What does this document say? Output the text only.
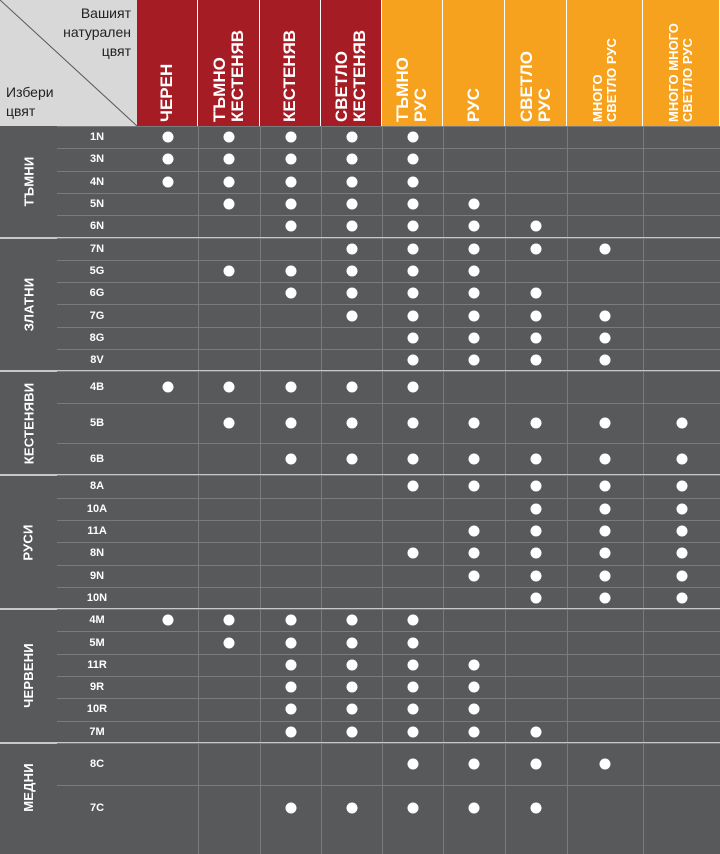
Вашият
натурален
цвят
Избери
цвят	ЧЕРЕН ТЪМНО
КЕСТЕНЯВ КЕСТЕНЯВ СВЕТЛО
КЕСТЕНЯВ ТЪМНО
РУС РУС СВЕТЛО
РУС	МНОГО
СВЕТЛО РУС
МНОГО МНОГО
СВЕТЛО РУС
1N
3N
4N
5N
6N
ТЪМНИ
7N
5G
6G
7G
8G
8V
ЗЛАТНИ
4B
5B
6B
КЕСТЕНЯВИ
8A
10A
11A
8N
9N
10N
РУСИ
4M
5M
11R
9R
10R
7M
ЧЕРВЕНИ
8C
7C
МЕДНИ
